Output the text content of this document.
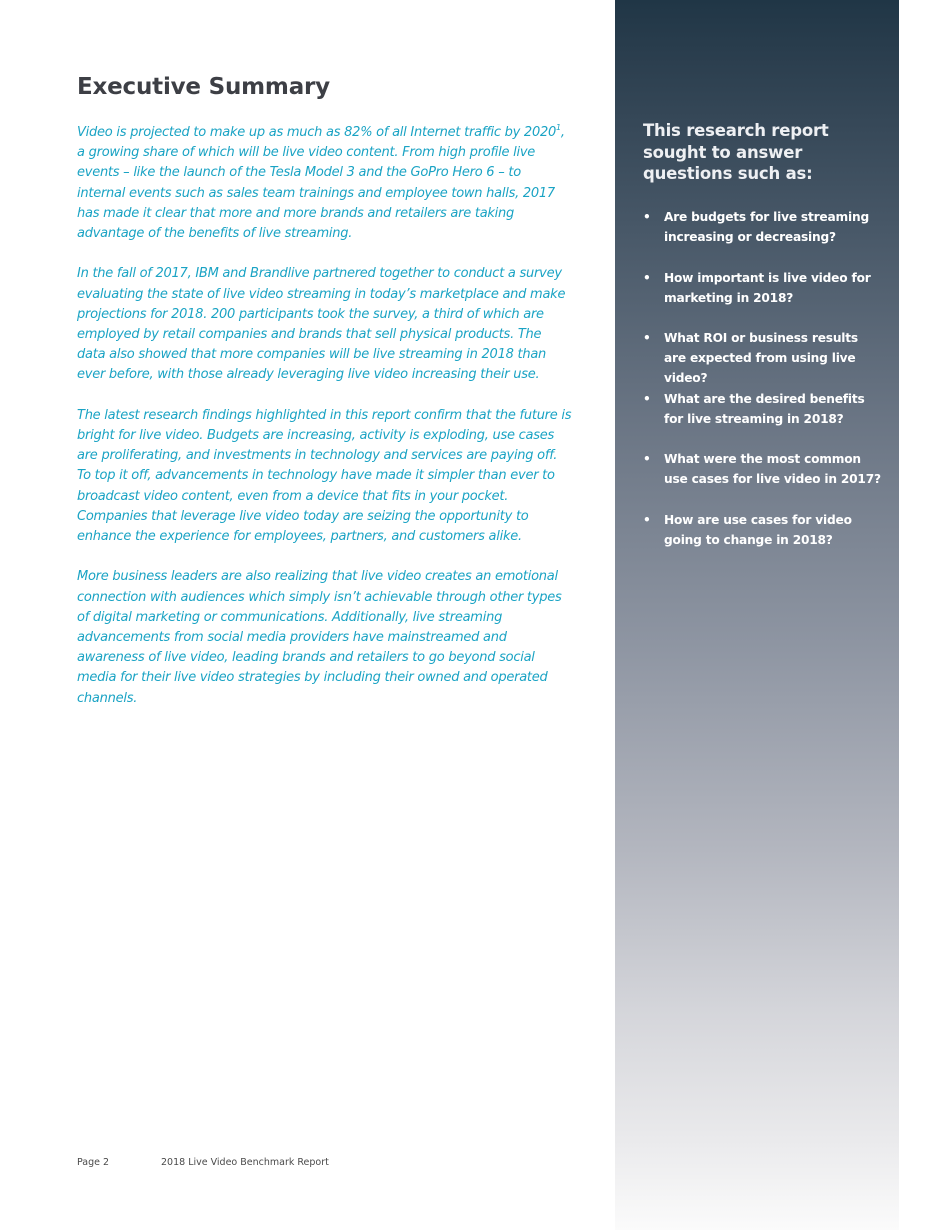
Executive Summary

Video is projected to make up as much as 82% of all Internet traffic by 2020$^1$, a growing share of which will be live video content. From high profile live events – like the launch of the Tesla Model 3 and the GoPro Hero 6 – to internal events such as sales team trainings and employee town halls, 2017 has made it clear that more and more brands and retailers are taking advantage of the benefits of live streaming.

In the fall of 2017, IBM and Brandlive partnered together to conduct a survey evaluating the state of live video streaming in today’s marketplace and make projections for 2018. 200 participants took the survey, a third of which are employed by retail companies and brands that sell physical products. The data also showed that more companies will be live streaming in 2018 than ever before, with those already leveraging live video increasing their use.

The latest research findings highlighted in this report confirm that the future is bright for live video. Budgets are increasing, activity is exploding, use cases are proliferating, and investments in technology and services are paying off. To top it off, advancements in technology have made it simpler than ever to broadcast video content, even from a device that fits in your pocket. Companies that leverage live video today are seizing the opportunity to enhance the experience for employees, partners, and customers alike.

More business leaders are also realizing that live video creates an emotional connection with audiences which simply isn’t achievable through other types of digital marketing or communications. Additionally, live streaming advancements from social media providers have mainstreamed and awareness of live video, leading brands and retailers to go beyond social media for their live video strategies by including their owned and operated channels.

This research report sought to answer questions such as:
• Are budgets for live streaming increasing or decreasing?
• How important is live video for marketing in 2018?
• What ROI or business results are expected from using live video?
• What are the desired benefits for live streaming in 2018?
• What were the most common use cases for live video in 2017?
• How are use cases for video going to change in 2018?
Page 2	2018 Live Video Benchmark Report
